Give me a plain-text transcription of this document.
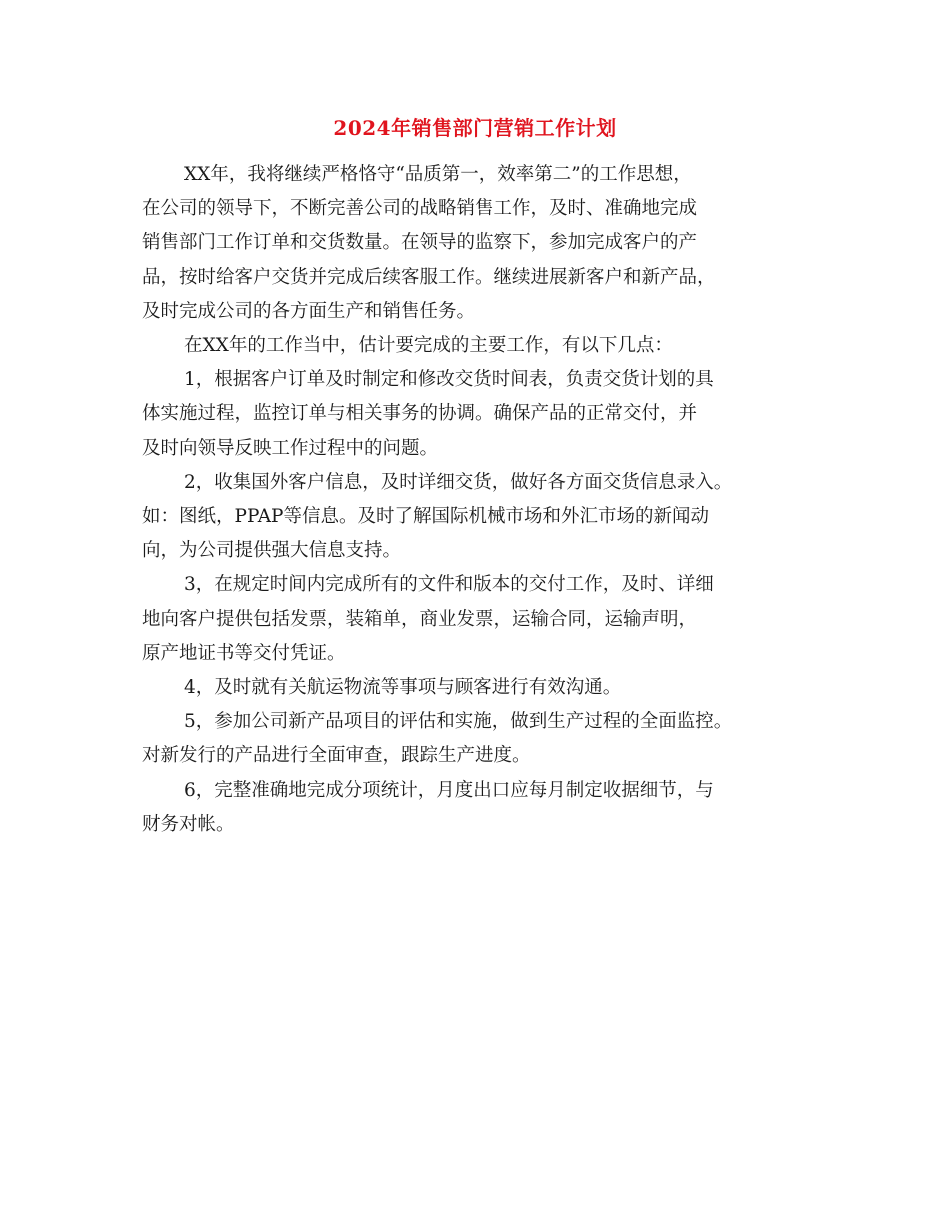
2024年销售部门营销工作计划

XX年，我将继续严格恪守“品质第一，效率第二”的工作思想，

在公司的领导下，不断完善公司的战略销售工作，及时、准确地完成

销售部门工作订单和交货数量。在领导的监察下，参加完成客户的产

品，按时给客户交货并完成后续客服工作。继续进展新客户和新产品，

及时完成公司的各方面生产和销售任务。

在XX年的工作当中，估计要完成的主要工作，有以下几点：

1，根据客户订单及时制定和修改交货时间表，负责交货计划的具

体实施过程，监控订单与相关事务的协调。确保产品的正常交付，并

及时向领导反映工作过程中的问题。

2，收集国外客户信息，及时详细交货，做好各方面交货信息录入。

如：图纸，PPAP等信息。及时了解国际机械市场和外汇市场的新闻动

向，为公司提供强大信息支持。

3，在规定时间内完成所有的文件和版本的交付工作，及时、详细

地向客户提供包括发票，装箱单，商业发票，运输合同，运输声明，

原产地证书等交付凭证。

4，及时就有关航运物流等事项与顾客进行有效沟通。

5，参加公司新产品项目的评估和实施，做到生产过程的全面监控。

对新发行的产品进行全面审查，跟踪生产进度。

6，完整准确地完成分项统计，月度出口应每月制定收据细节，与

财务对帐。
